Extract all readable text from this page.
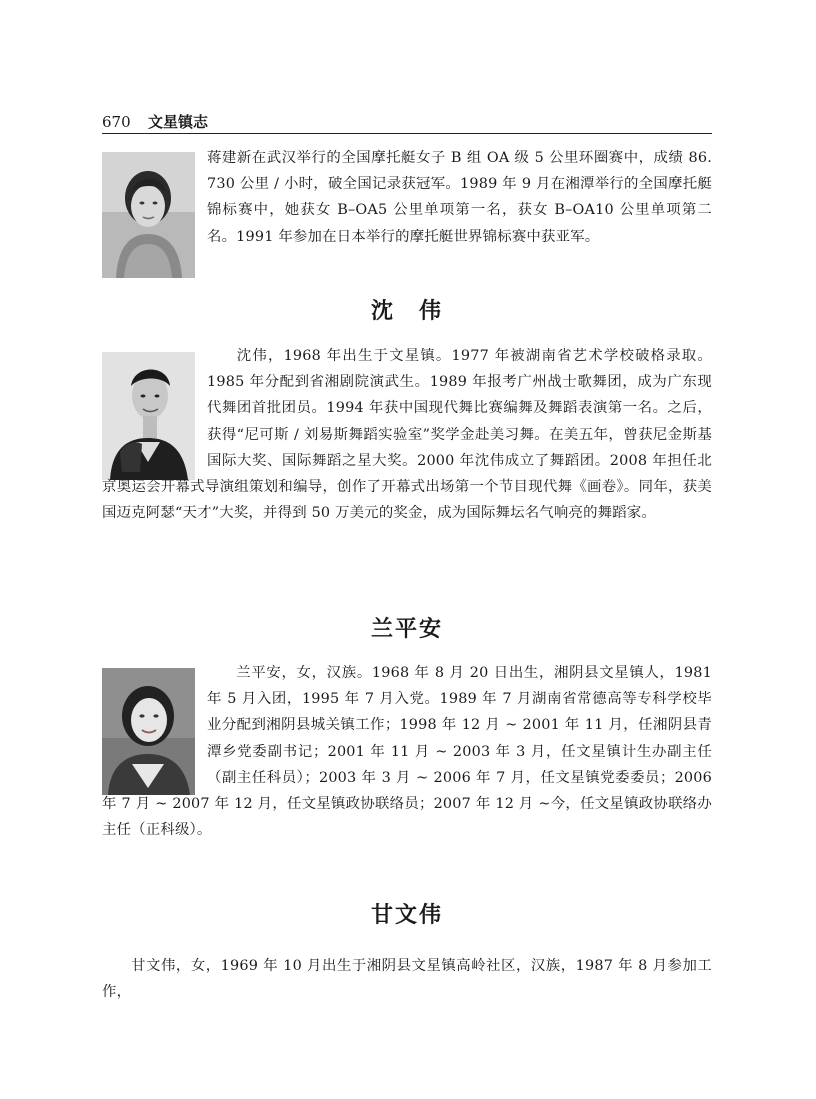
670 文星镇志
蒋建新在武汉举行的全国摩托艇女子 B 组 OA 级 5 公里环圈赛中，成绩 86. 730 公里 / 小时，破全国记录获冠军。1989 年 9 月在湘潭举行的全国摩托艇锦标赛中，她获女 B–OA5 公里单项第一名，获女 B–OA10 公里单项第二名。1991 年参加在日本举行的摩托艇世界锦标赛中获亚军。
沈　伟
沈伟，1968 年出生于文星镇。1977 年被湖南省艺术学校破格录取。1985 年分配到省湘剧院演武生。1989 年报考广州战士歌舞团，成为广东现代舞团首批团员。1994 年获中国现代舞比赛编舞及舞蹈表演第一名。之后，获得“尼可斯 / 刘易斯舞蹈实验室”奖学金赴美习舞。在美五年，曾获尼金斯基国际大奖、国际舞蹈之星大奖。2000 年沈伟成立了舞蹈团。2008 年担任北京奥运会开幕式导演组策划和编导，创作了开幕式出场第一个节目现代舞《画卷》。同年，获美国迈克阿瑟“天才”大奖，并得到 50 万美元的奖金，成为国际舞坛名气响亮的舞蹈家。
兰平安
兰平安，女，汉族。1968 年 8 月 20 日出生，湘阴县文星镇人，1981 年 5 月入团，1995 年 7 月入党。1989 年 7 月湖南省常德高等专科学校毕业分配到湘阴县城关镇工作；1998 年 12 月 ~ 2001 年 11 月，任湘阴县青潭乡党委副书记；2001 年 11 月 ~ 2003 年 3 月，任文星镇计生办副主任（副主任科员）；2003 年 3 月 ~ 2006 年 7 月，任文星镇党委委员；2006 年 7 月 ~ 2007 年 12 月，任文星镇政协联络员；2007 年 12 月 ~今，任文星镇政协联络办主任（正科级）。
甘文伟
甘文伟，女，1969 年 10 月出生于湘阴县文星镇高岭社区，汉族，1987 年 8 月参加工作，
